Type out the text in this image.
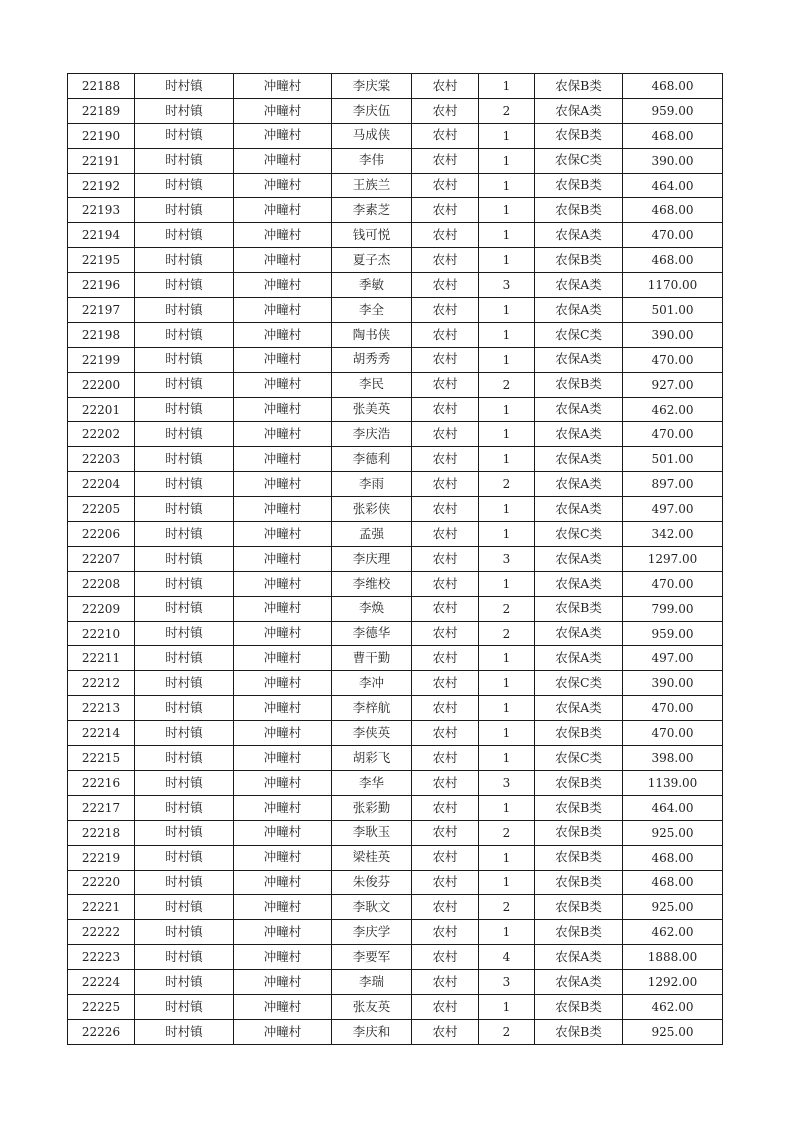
22188	时村镇	冲疃村	李庆棠	农村	1	农保B类	468.00
22189	时村镇	冲疃村	李庆伍	农村	2	农保A类	959.00
22190	时村镇	冲疃村	马成侠	农村	1	农保B类	468.00
22191	时村镇	冲疃村	李伟	农村	1	农保C类	390.00
22192	时村镇	冲疃村	王族兰	农村	1	农保B类	464.00
22193	时村镇	冲疃村	李素芝	农村	1	农保B类	468.00
22194	时村镇	冲疃村	钱可悦	农村	1	农保A类	470.00
22195	时村镇	冲疃村	夏子杰	农村	1	农保B类	468.00
22196	时村镇	冲疃村	季敏	农村	3	农保A类	1170.00
22197	时村镇	冲疃村	李全	农村	1	农保A类	501.00
22198	时村镇	冲疃村	陶书侠	农村	1	农保C类	390.00
22199	时村镇	冲疃村	胡秀秀	农村	1	农保A类	470.00
22200	时村镇	冲疃村	李民	农村	2	农保B类	927.00
22201	时村镇	冲疃村	张美英	农村	1	农保A类	462.00
22202	时村镇	冲疃村	李庆浩	农村	1	农保A类	470.00
22203	时村镇	冲疃村	李德利	农村	1	农保A类	501.00
22204	时村镇	冲疃村	李雨	农村	2	农保A类	897.00
22205	时村镇	冲疃村	张彩侠	农村	1	农保A类	497.00
22206	时村镇	冲疃村	孟强	农村	1	农保C类	342.00
22207	时村镇	冲疃村	李庆理	农村	3	农保A类	1297.00
22208	时村镇	冲疃村	李维校	农村	1	农保A类	470.00
22209	时村镇	冲疃村	李焕	农村	2	农保B类	799.00
22210	时村镇	冲疃村	李德华	农村	2	农保A类	959.00
22211	时村镇	冲疃村	曹干勤	农村	1	农保A类	497.00
22212	时村镇	冲疃村	李冲	农村	1	农保C类	390.00
22213	时村镇	冲疃村	李梓航	农村	1	农保A类	470.00
22214	时村镇	冲疃村	李侠英	农村	1	农保B类	470.00
22215	时村镇	冲疃村	胡彩飞	农村	1	农保C类	398.00
22216	时村镇	冲疃村	李华	农村	3	农保B类	1139.00
22217	时村镇	冲疃村	张彩勤	农村	1	农保B类	464.00
22218	时村镇	冲疃村	李耿玉	农村	2	农保B类	925.00
22219	时村镇	冲疃村	梁桂英	农村	1	农保B类	468.00
22220	时村镇	冲疃村	朱俊芬	农村	1	农保B类	468.00
22221	时村镇	冲疃村	李耿文	农村	2	农保B类	925.00
22222	时村镇	冲疃村	李庆学	农村	1	农保B类	462.00
22223	时村镇	冲疃村	李要军	农村	4	农保A类	1888.00
22224	时村镇	冲疃村	李瑞	农村	3	农保A类	1292.00
22225	时村镇	冲疃村	张友英	农村	1	农保B类	462.00
22226	时村镇	冲疃村	李庆和	农村	2	农保B类	925.00
